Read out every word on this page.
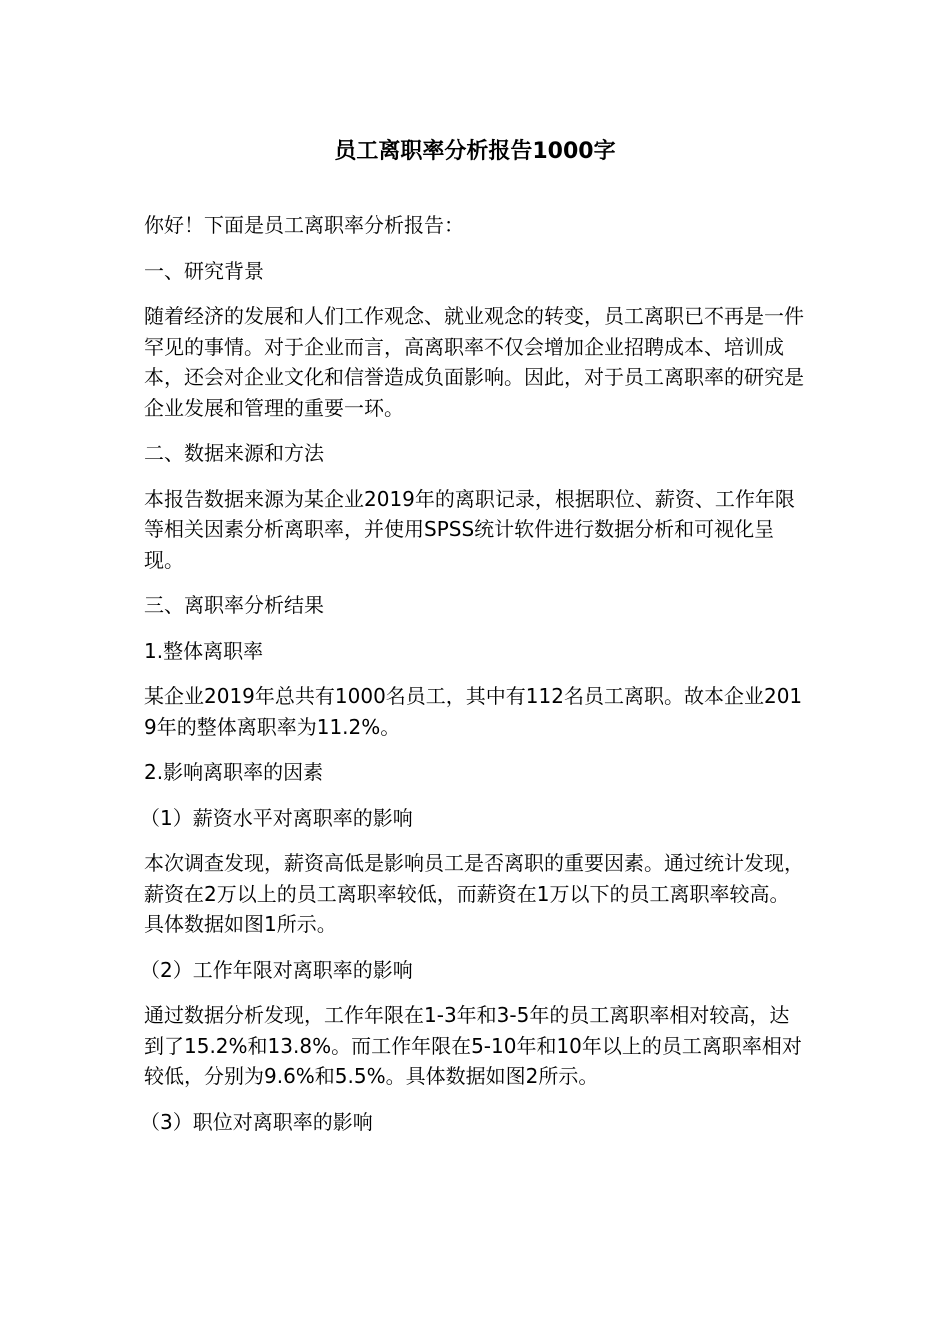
员工离职率分析报告1000字

你好！下面是员工离职率分析报告：

一、研究背景

随着经济的发展和人们工作观念、就业观念的转变，员工离职已不再是一件罕见的事情。对于企业而言，高离职率不仅会增加企业招聘成本、培训成本，还会对企业文化和信誉造成负面影响。因此，对于员工离职率的研究是企业发展和管理的重要一环。

二、数据来源和方法

本报告数据来源为某企业2019年的离职记录，根据职位、薪资、工作年限等相关因素分析离职率，并使用SPSS统计软件进行数据分析和可视化呈现。

三、离职率分析结果

1.整体离职率

某企业2019年总共有1000名员工，其中有112名员工离职。故本企业2019年的整体离职率为11.2%。

2.影响离职率的因素

（1）薪资水平对离职率的影响

本次调查发现，薪资高低是影响员工是否离职的重要因素。通过统计发现，薪资在2万以上的员工离职率较低，而薪资在1万以下的员工离职率较高。具体数据如图1所示。

（2）工作年限对离职率的影响

通过数据分析发现，工作年限在1-3年和3-5年的员工离职率相对较高，达到了15.2%和13.8%。而工作年限在5-10年和10年以上的员工离职率相对较低，分别为9.6%和5.5%。具体数据如图2所示。

（3）职位对离职率的影响
